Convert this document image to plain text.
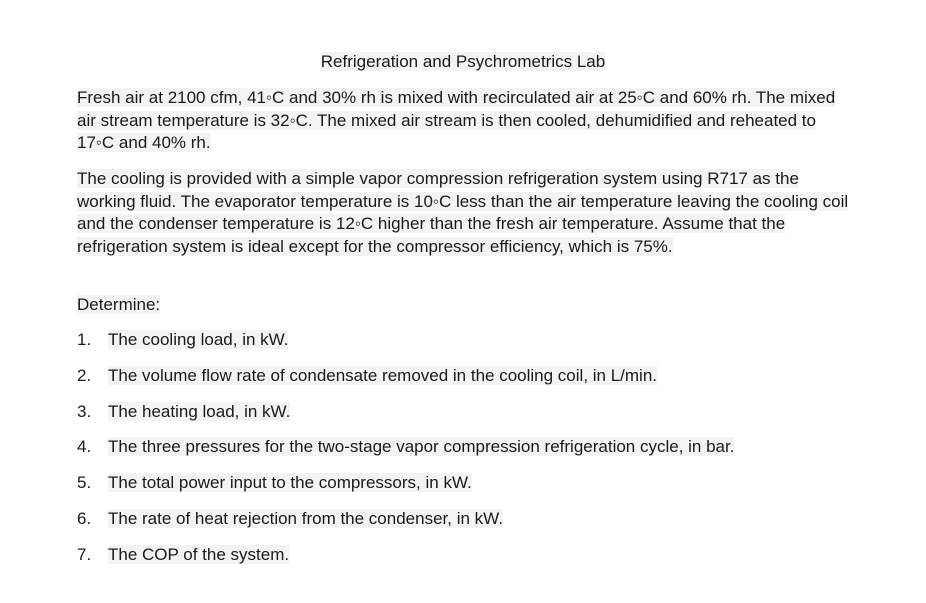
Refrigeration and Psychrometrics Lab

Fresh air at 2100 cfm, 41◦C and 30% rh is mixed with recirculated air at 25◦C and 60% rh. The mixed air stream temperature is 32◦C. The mixed air stream is then cooled, dehumidified and reheated to 17◦C and 40% rh.

The cooling is provided with a simple vapor compression refrigeration system using R717 as the working fluid. The evaporator temperature is 10◦C less than the air temperature leaving the cooling coil and the condenser temperature is 12◦C higher than the fresh air temperature. Assume that the refrigeration system is ideal except for the compressor efficiency, which is 75%.

Determine:
1. The cooling load, in kW.
2. The volume flow rate of condensate removed in the cooling coil, in L/min.
3. The heating load, in kW.
4. The three pressures for the two-stage vapor compression refrigeration cycle, in bar.
5. The total power input to the compressors, in kW.
6. The rate of heat rejection from the condenser, in kW.
7. The COP of the system.
